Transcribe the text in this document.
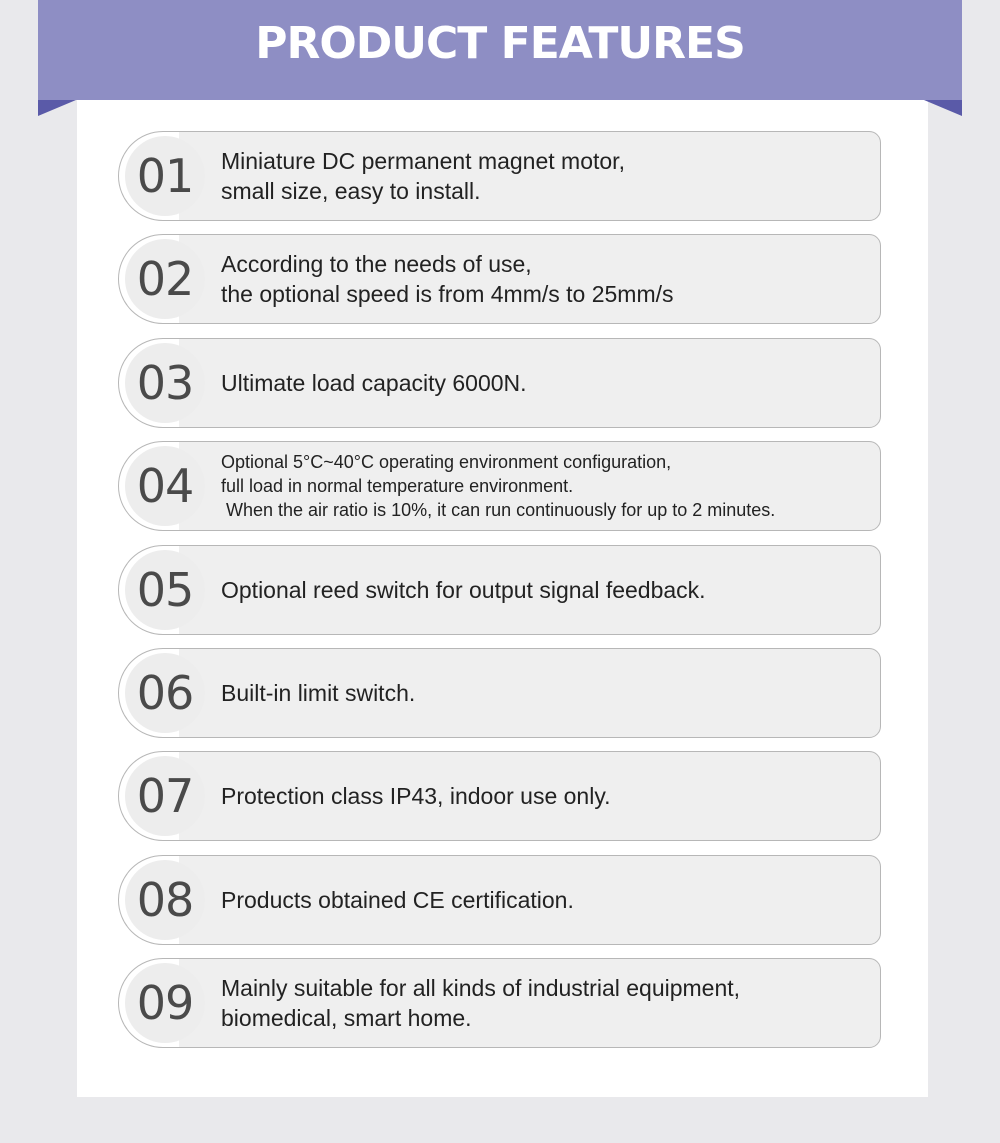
PRODUCT FEATURES
01	Miniature DC permanent magnet motor,
small size, easy to install.
02	According to the needs of use,
the optional speed is from 4mm/s to 25mm/s
03	Ultimate load capacity 6000N.
04	Optional 5°C~40°C operating environment configuration,
full load in normal temperature environment.
When the air ratio is 10%, it can run continuously for up to 2 minutes.
05	Optional reed switch for output signal feedback.
06	Built-in limit switch.
07	Protection class IP43, indoor use only.
08	Products obtained CE certification.
09	Mainly suitable for all kinds of industrial equipment,
biomedical, smart home.
